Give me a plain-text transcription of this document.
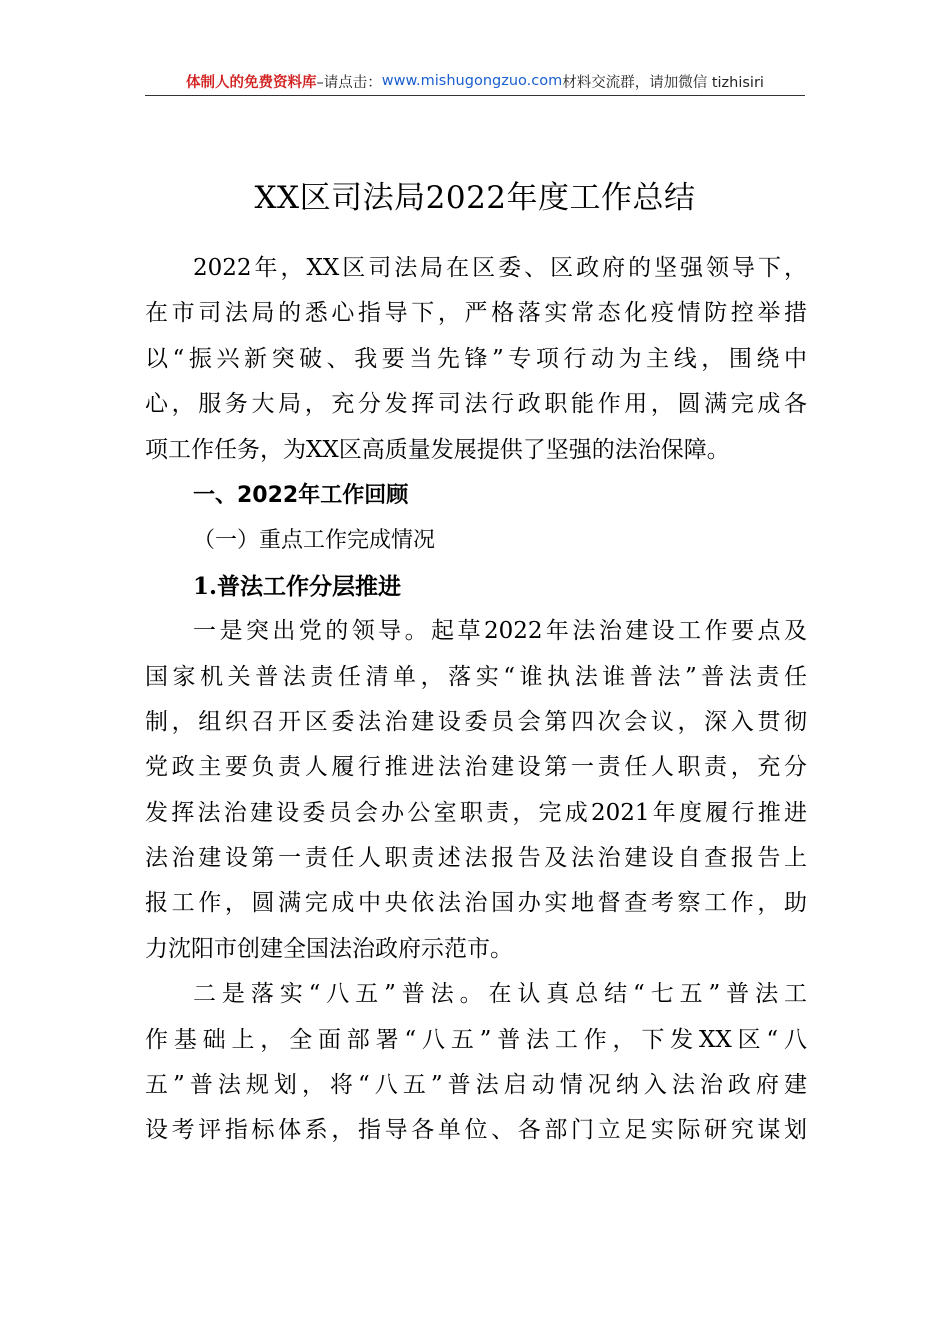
体制人的免费资料库 –请点击： www.mishugongzuo.com 材料交流群，请加微信 tizhisiri
XX区司法局2022年度工作总结
2022年，XX区司法局在区委、区政府的坚强领导下，
在市司法局的悉心指导下，严格落实常态化疫情防控举措
以“振兴新突破、我要当先锋”专项行动为主线，围绕中
心，服务大局，充分发挥司法行政职能作用，圆满完成各
项工作任务，为XX区高质量发展提供了坚强的法治保障。
一、2022年工作回顾
（一）重点工作完成情况
1.普法工作分层推进
一是突出党的领导。起草2022年法治建设工作要点及
国家机关普法责任清单，落实“谁执法谁普法”普法责任
制，组织召开区委法治建设委员会第四次会议，深入贯彻
党政主要负责人履行推进法治建设第一责任人职责，充分
发挥法治建设委员会办公室职责，完成2021年度履行推进
法治建设第一责任人职责述法报告及法治建设自查报告上
报工作，圆满完成中央依法治国办实地督查考察工作，助
力沈阳市创建全国法治政府示范市。
二是落实“八五”普法。在认真总结“七五”普法工
作基础上，全面部署“八五”普法工作，下发XX区“八
五”普法规划，将“八五”普法启动情况纳入法治政府建
设考评指标体系，指导各单位、各部门立足实际研究谋划
